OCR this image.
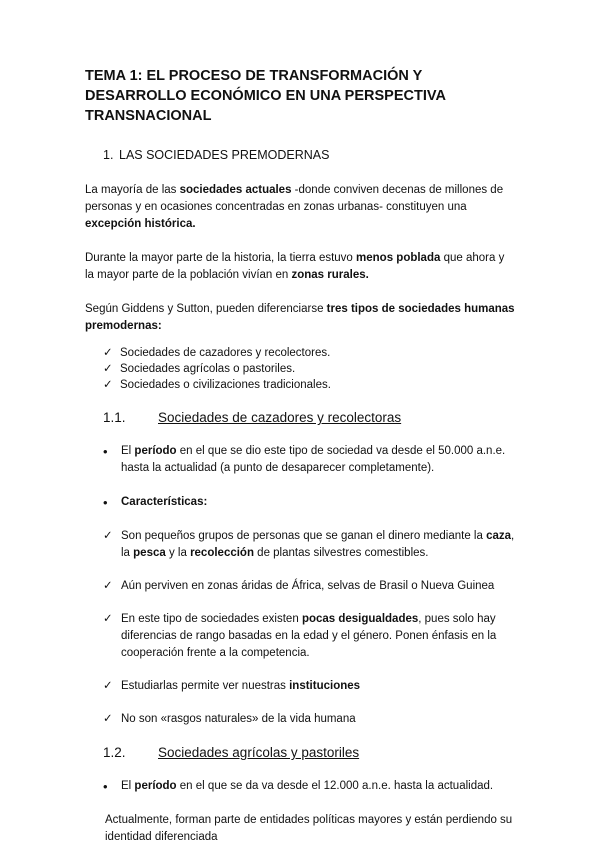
TEMA 1: EL PROCESO DE TRANSFORMACIÓN Y DESARROLLO ECONÓMICO EN UNA PERSPECTIVA TRANSNACIONAL
1. LAS SOCIEDADES PREMODERNAS

La mayoría de las sociedades actuales -donde conviven decenas de millones de personas y en ocasiones concentradas en zonas urbanas- constituyen una excepción histórica.

Durante la mayor parte de la historia, la tierra estuvo menos poblada que ahora y la mayor parte de la población vivían en zonas rurales.

Según Giddens y Sutton, pueden diferenciarse tres tipos de sociedades humanas premodernas:

✓ Sociedades de cazadores y recolectores.
✓ Sociedades agrícolas o pastoriles.
✓ Sociedades o civilizaciones tradicionales.
1.1.	Sociedades de cazadores y recolectoras
•	El período en el que se dio este tipo de sociedad va desde el 50.000 a.n.e. hasta la actualidad (a punto de desaparecer completamente).
•	Características:
✓ Son pequeños grupos de personas que se ganan el dinero mediante la caza, la pesca y la recolección de plantas silvestres comestibles.
✓ Aún perviven en zonas áridas de África, selvas de Brasil o Nueva Guinea
✓ En este tipo de sociedades existen pocas desigualdades, pues solo hay diferencias de rango basadas en la edad y el género. Ponen énfasis en la cooperación frente a la competencia.
✓ Estudiarlas permite ver nuestras instituciones
✓ No son «rasgos naturales» de la vida humana
1.2.	Sociedades agrícolas y pastoriles
•	El período en el que se da va desde el 12.000 a.n.e. hasta la actualidad.

Actualmente, forman parte de entidades políticas mayores y están perdiendo su identidad diferenciada
